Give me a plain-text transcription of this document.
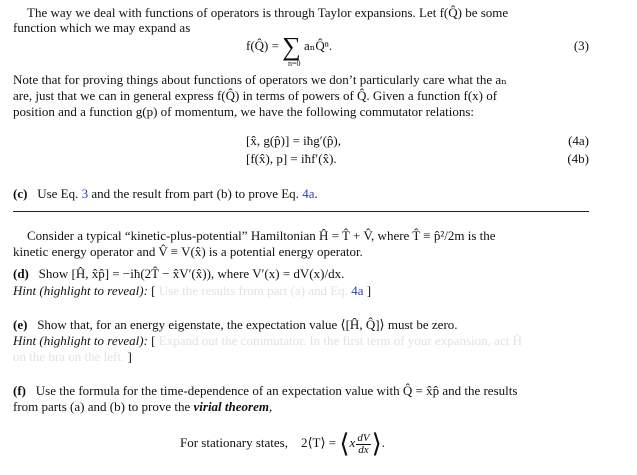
The way we deal with functions of operators is through Taylor expansions. Let f(Q̂) be some
function which we may expand as
f(Q̂) = ∑ aₙQ̂ⁿ.
n=0
(3)
Note that for proving things about functions of operators we don’t particularly care what the aₙ
are, just that we can in general express f(Q̂) in terms of powers of Q̂. Given a function f(x) of
position and a function g(p) of momentum, we have the following commutator relations:
[x̂, g(p̂)] = iħg′(p̂),	(4a)
[f(x̂), p] = iħf′(x̂).	(4b)
(c) Use Eq. 3 and the result from part (b) to prove Eq. 4a.
Consider a typical “kinetic-plus-potential” Hamiltonian Ĥ = T̂ + V̂, where T̂ ≡ p̂²/2m is the
kinetic energy operator and V̂ ≡ V(x̂) is a potential energy operator.
(d) Show [Ĥ, x̂p̂] = −iħ(2T̂ − x̂V′(x̂)), where V′(x) = dV(x)/dx.
Hint (highlight to reveal): [ Use the results from part (a) and Eq. 4a ]
(e) Show that, for an energy eigenstate, the expectation value ⟨[Ĥ, Q̂]⟩ must be zero.
Hint (highlight to reveal): [ Expand out the commutator. In the first term of your expansion, act Ĥ
on the bra on the left. ]
(f) Use the formula for the time-dependence of an expectation value with Q̂ = x̂p̂ and the results
from parts (a) and (b) to prove the virial theorem,
For stationary states, 2⟨T⟩ = ⟨x $\frac{dV}{dx}$ ⟩.
